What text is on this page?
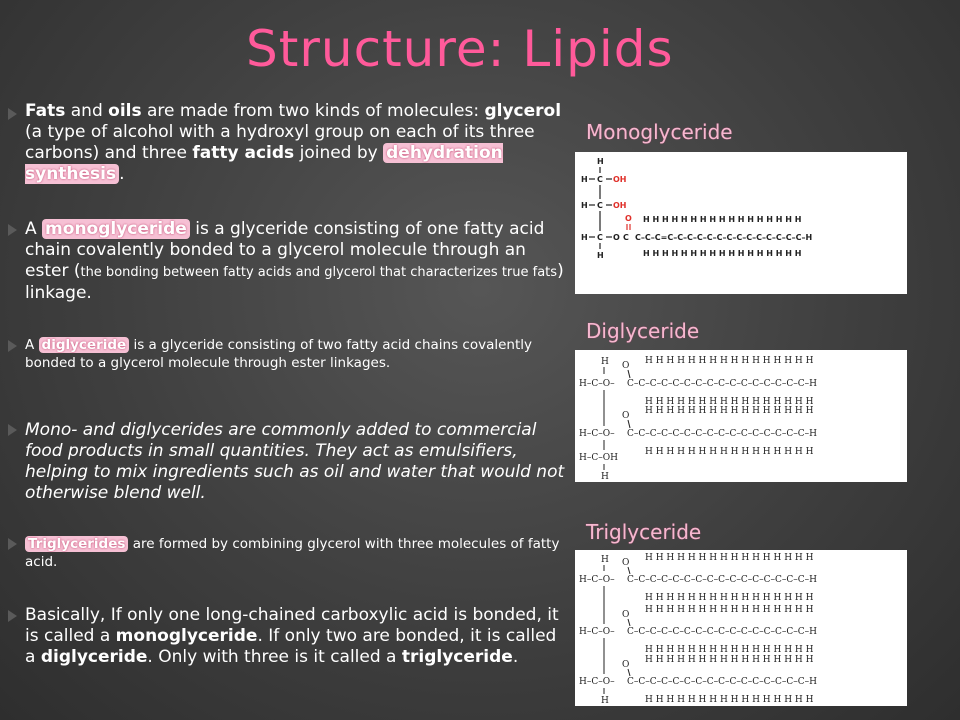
Structure: Lipids

Fats and oils are made from two kinds of molecules: glycerol (a type of alcohol with a hydroxyl group on each of its three carbons) and three fatty acids joined by dehydration synthesis .

A monoglyceride is a glyceride consisting of one fatty acid chain covalently bonded to a glycerol molecule through an ester (the bonding between fatty acids and glycerol that characterizes true fats) linkage.

A diglyceride is a glyceride consisting of two fatty acid chains covalently bonded to a glycerol molecule through ester linkages.

Mono- and diglycerides are commonly added to commercial food products in small quantities. They act as emulsifiers, helping to mix ingredients such as oil and water that would not otherwise blend well.

Triglycerides are formed by combining glycerol with three molecules of fatty acid.

Basically, If only one long-chained carboxylic acid is bonded, it is called a monoglyceride. If only two are bonded, it is called a diglyceride. Only with three is it called a triglyceride.

Monoglyceride
Diglyceride
Triglyceride
H
H C OH
H C OH
H C O
H
O
C C–C–C=C–C–C–C–C–C–C–C–C–C–C–C–C–C–H
H H H H H H H H H H H H H H H H H
H H H H H H H H H H H H H H H H H
H
H–C–O–
H–C–O–
H–C–OH
H
O H H H H H H H H H H H H H H H H
C–C–C–C–C–C–C–C–C–C–C–C–C–C–C–C–H
H H H H H H H H H H H H H H H H
O H H H H H H H H H H H H H H H H
C–C–C–C–C–C–C–C–C–C–C–C–C–C–C–C–H
H H H H H H H H H H H H H H H H
H
H–C–O–
H–C–O–
H–C–O–
H
O H H H H H H H H H H H H H H H H
C–C–C–C–C–C–C–C–C–C–C–C–C–C–C–C–H
H H H H H H H H H H H H H H H H
O H H H H H H H H H H H H H H H H
C–C–C–C–C–C–C–C–C–C–C–C–C–C–C–C–H
H H H H H H H H H H H H H H H H
O H H H H H H H H H H H H H H H H
C–C–C–C–C–C–C–C–C–C–C–C–C–C–C–C–H
H H H H H H H H H H H H H H H H
